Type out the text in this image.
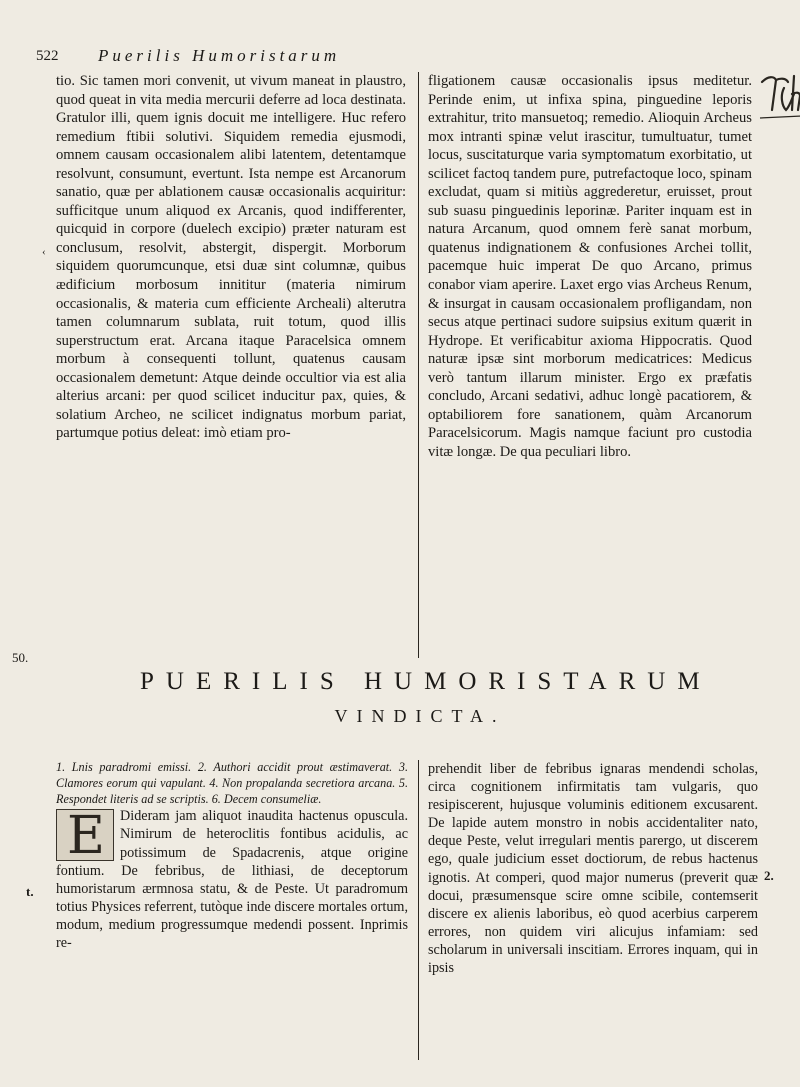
522 Puerilis Humoristarum

tio. Sic tamen mori convenit, ut vivum maneat in plaustro, quod queat in vita media mercurii deferre ad loca destinata. Gratulor illi, quem ignis docuit me intelligere. Huc refero remedium ftibii solutivi. Siquidem remedia ejusmodi, omnem causam occasionalem alibi latentem, detentamque resolvunt, consumunt, evertunt. Ista nempe est Arcanorum sanatio, quæ per ablationem causæ occasionalis acquiritur: sufficitque unum aliquod ex Arcanis, quod indifferenter, quicquid in corpore (duelech excipio) præter naturam est conclusum, resolvit, abstergit, dispergit. Morborum siquidem quorumcunque, etsi duæ sint columnæ, quibus ædificium morbosum innititur (materia nimirum occasionalis, & materia cum efficiente Archeali) alterutra tamen columnarum sublata, ruit totum, quod illis superstructum erat. Arcana itaque Paracelsica omnem morbum à consequenti tollunt, quatenus causam occasionalem demetunt: Atque deinde occultior via est alia alterius arcani: per quod scilicet inducitur pax, quies, & solatium Archeo, ne scilicet indignatus morbum pariat, partumque potius deleat: imò etiam pro-

fligationem causæ occasionalis ipsus meditetur. Perinde enim, ut infixa spina, pinguedine leporis extrahitur, trito mansuetoq; remedio. Alioquin Archeus mox intranti spinæ velut irascitur, tumultuatur, tumet locus, suscitaturque varia symptomatum exorbitatio, ut scilicet factoq tandem pure, putrefactoque loco, spinam excludat, quam si mitiùs aggrederetur, eruisset, prout sub suasu pinguedinis leporinæ. Pariter inquam est in natura Arcanum, quod omnem ferè sanat morbum, quatenus indignationem & confusiones Archei tollit, pacemque huic imperat De quo Arcano, primus conabor viam aperire. Laxet ergo vias Archeus Renum, & insurgat in causam occasionalem profligandam, non secus atque pertinaci sudore suipsius exitum quærit in Hydrope. Et verificabitur axioma Hippocratis. Quod naturæ ipsæ sint morborum medicatrices: Medicus verò tantum illarum minister. Ergo ex præfatis concludo, Arcani sedativi, adhuc longè pacatiorem, & optabiliorem fore sanationem, quàm Arcanorum Paracelsicorum. Magis namque faciunt pro custodia vitæ longæ. De qua peculiari libro.

PUERILIS HUMORISTARUM
VINDICTA.

1. Lnis paradromi emissi. 2. Authori accidit prout æstimaverat. 3. Clamores eorum qui vapulant. 4. Non propalanda secretiora arcana. 5. Respondet literis ad se scriptis. 6. Decem consumeliæ.

E	Dideram jam aliquot inaudita hactenus opuscula. Nimirum de heteroclitis fontibus acidulis, ac potissimum de Spadacrenis, atque origine fontium. De febribus, de lithiasi, de deceptorum humoristarum ærmnosa statu, & de Peste. Ut paradromum totius Physices referrent, tutòque inde discere mortales ortum, modum, medium progressumque medendi possent. Inprimis re-

prehendit liber de febribus ignaras mendendi scholas, circa cognitionem infirmitatis tam vulgaris, quo resipiscerent, hujusque voluminis editionem excusarent. De lapide autem monstro in nobis accidentaliter nato, deque Peste, velut irregulari mentis parergo, ut discerem ego, quale judicium esset doctiorum, de rebus hactenus ignotis. At comperi, quod major numerus (preverit quæ docui, præsumensque scire omne scibile, contemserit discere ex alienis laboribus, eò quod acerbius carperem errores, non quidem viri alicujus infamiam: sed scholarum in universali inscitiam. Errores inquam, qui in ipsis

50.
t.
2.
‹
